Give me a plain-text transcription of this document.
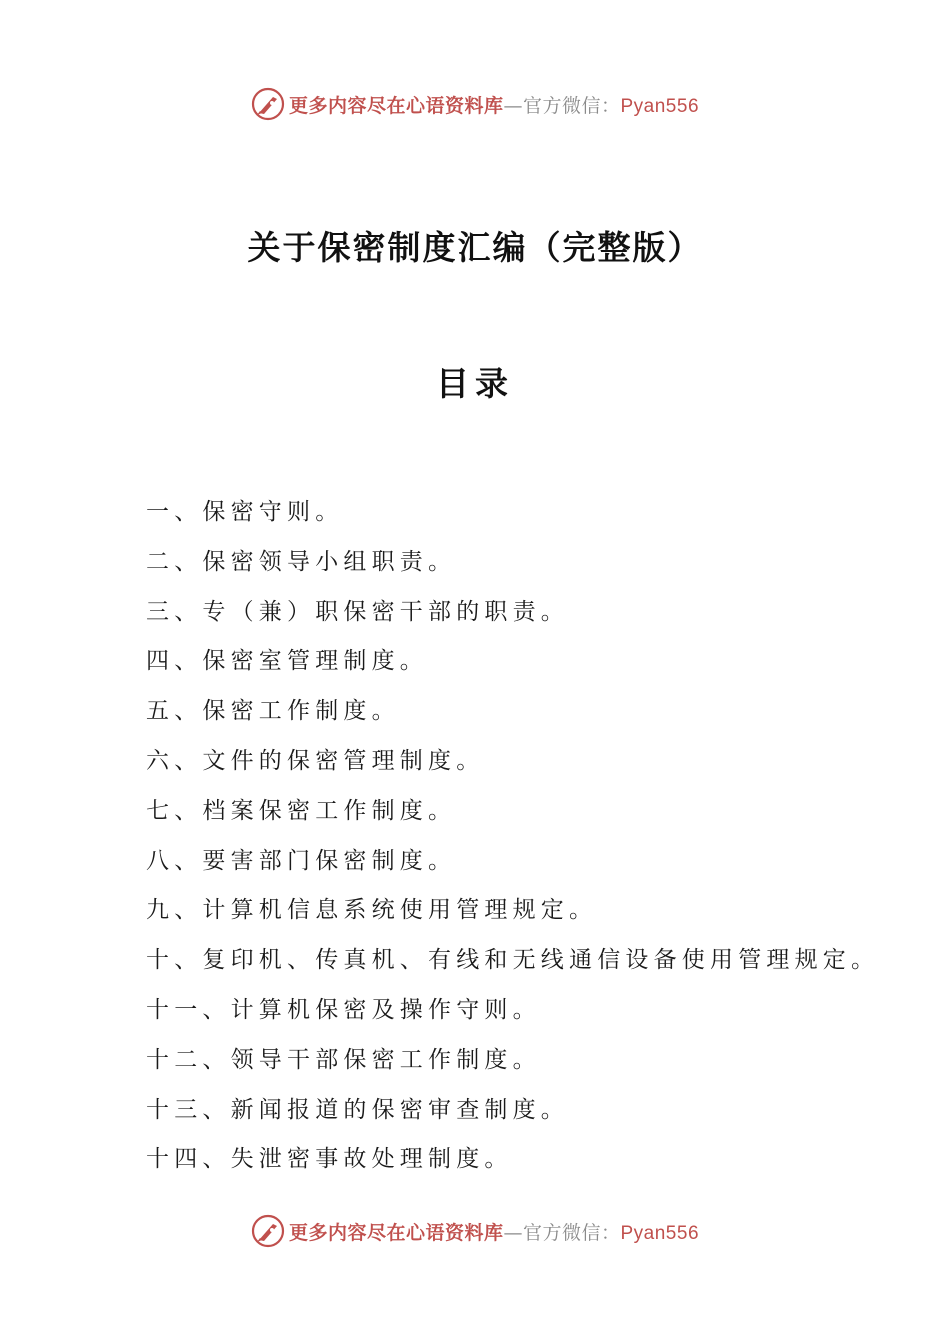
更多内容尽在心语资料库—官方微信：Pyan556
关于保密制度汇编（完整版）
目录
一、保密守则。
二、保密领导小组职责。
三、专（兼）职保密干部的职责。
四、保密室管理制度。
五、保密工作制度。
六、文件的保密管理制度。
七、档案保密工作制度。
八、要害部门保密制度。
九、计算机信息系统使用管理规定。
十、复印机、传真机、有线和无线通信设备使用管理规定。
十一、计算机保密及操作守则。
十二、领导干部保密工作制度。
十三、新闻报道的保密审查制度。
十四、失泄密事故处理制度。
更多内容尽在心语资料库—官方微信：Pyan556
